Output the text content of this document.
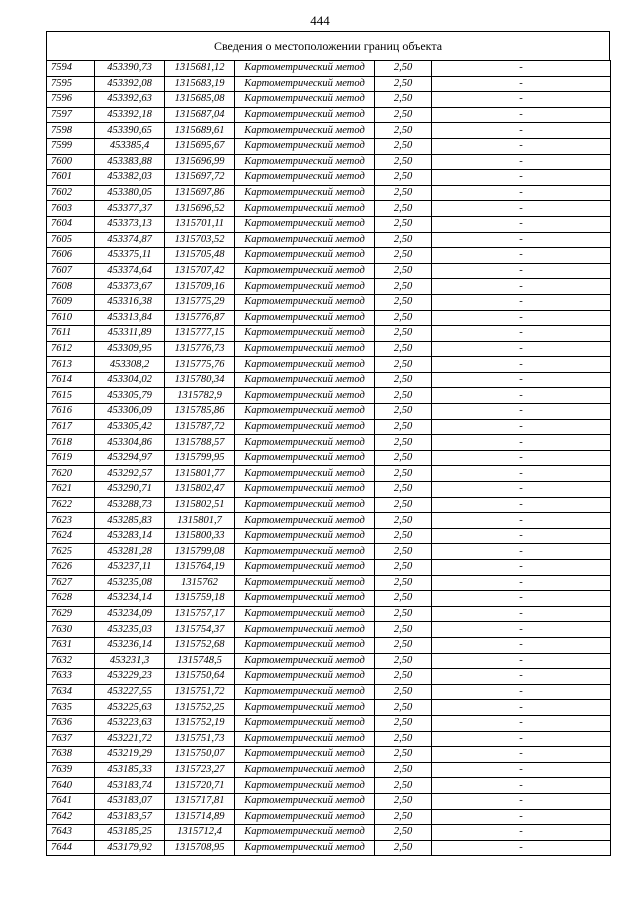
444
Сведения о местоположении границ объекта
7594	453390,73	1315681,12	Картометрический метод	2,50	-
7595	453392,08	1315683,19	Картометрический метод	2,50	-
7596	453392,63	1315685,08	Картометрический метод	2,50	-
7597	453392,18	1315687,04	Картометрический метод	2,50	-
7598	453390,65	1315689,61	Картометрический метод	2,50	-
7599	453385,4	1315695,67	Картометрический метод	2,50	-
7600	453383,88	1315696,99	Картометрический метод	2,50	-
7601	453382,03	1315697,72	Картометрический метод	2,50	-
7602	453380,05	1315697,86	Картометрический метод	2,50	-
7603	453377,37	1315696,52	Картометрический метод	2,50	-
7604	453373,13	1315701,11	Картометрический метод	2,50	-
7605	453374,87	1315703,52	Картометрический метод	2,50	-
7606	453375,11	1315705,48	Картометрический метод	2,50	-
7607	453374,64	1315707,42	Картометрический метод	2,50	-
7608	453373,67	1315709,16	Картометрический метод	2,50	-
7609	453316,38	1315775,29	Картометрический метод	2,50	-
7610	453313,84	1315776,87	Картометрический метод	2,50	-
7611	453311,89	1315777,15	Картометрический метод	2,50	-
7612	453309,95	1315776,73	Картометрический метод	2,50	-
7613	453308,2	1315775,76	Картометрический метод	2,50	-
7614	453304,02	1315780,34	Картометрический метод	2,50	-
7615	453305,79	1315782,9	Картометрический метод	2,50	-
7616	453306,09	1315785,86	Картометрический метод	2,50	-
7617	453305,42	1315787,72	Картометрический метод	2,50	-
7618	453304,86	1315788,57	Картометрический метод	2,50	-
7619	453294,97	1315799,95	Картометрический метод	2,50	-
7620	453292,57	1315801,77	Картометрический метод	2,50	-
7621	453290,71	1315802,47	Картометрический метод	2,50	-
7622	453288,73	1315802,51	Картометрический метод	2,50	-
7623	453285,83	1315801,7	Картометрический метод	2,50	-
7624	453283,14	1315800,33	Картометрический метод	2,50	-
7625	453281,28	1315799,08	Картометрический метод	2,50	-
7626	453237,11	1315764,19	Картометрический метод	2,50	-
7627	453235,08	1315762	Картометрический метод	2,50	-
7628	453234,14	1315759,18	Картометрический метод	2,50	-
7629	453234,09	1315757,17	Картометрический метод	2,50	-
7630	453235,03	1315754,37	Картометрический метод	2,50	-
7631	453236,14	1315752,68	Картометрический метод	2,50	-
7632	453231,3	1315748,5	Картометрический метод	2,50	-
7633	453229,23	1315750,64	Картометрический метод	2,50	-
7634	453227,55	1315751,72	Картометрический метод	2,50	-
7635	453225,63	1315752,25	Картометрический метод	2,50	-
7636	453223,63	1315752,19	Картометрический метод	2,50	-
7637	453221,72	1315751,73	Картометрический метод	2,50	-
7638	453219,29	1315750,07	Картометрический метод	2,50	-
7639	453185,33	1315723,27	Картометрический метод	2,50	-
7640	453183,74	1315720,71	Картометрический метод	2,50	-
7641	453183,07	1315717,81	Картометрический метод	2,50	-
7642	453183,57	1315714,89	Картометрический метод	2,50	-
7643	453185,25	1315712,4	Картометрический метод	2,50	-
7644	453179,92	1315708,95	Картометрический метод	2,50	-
